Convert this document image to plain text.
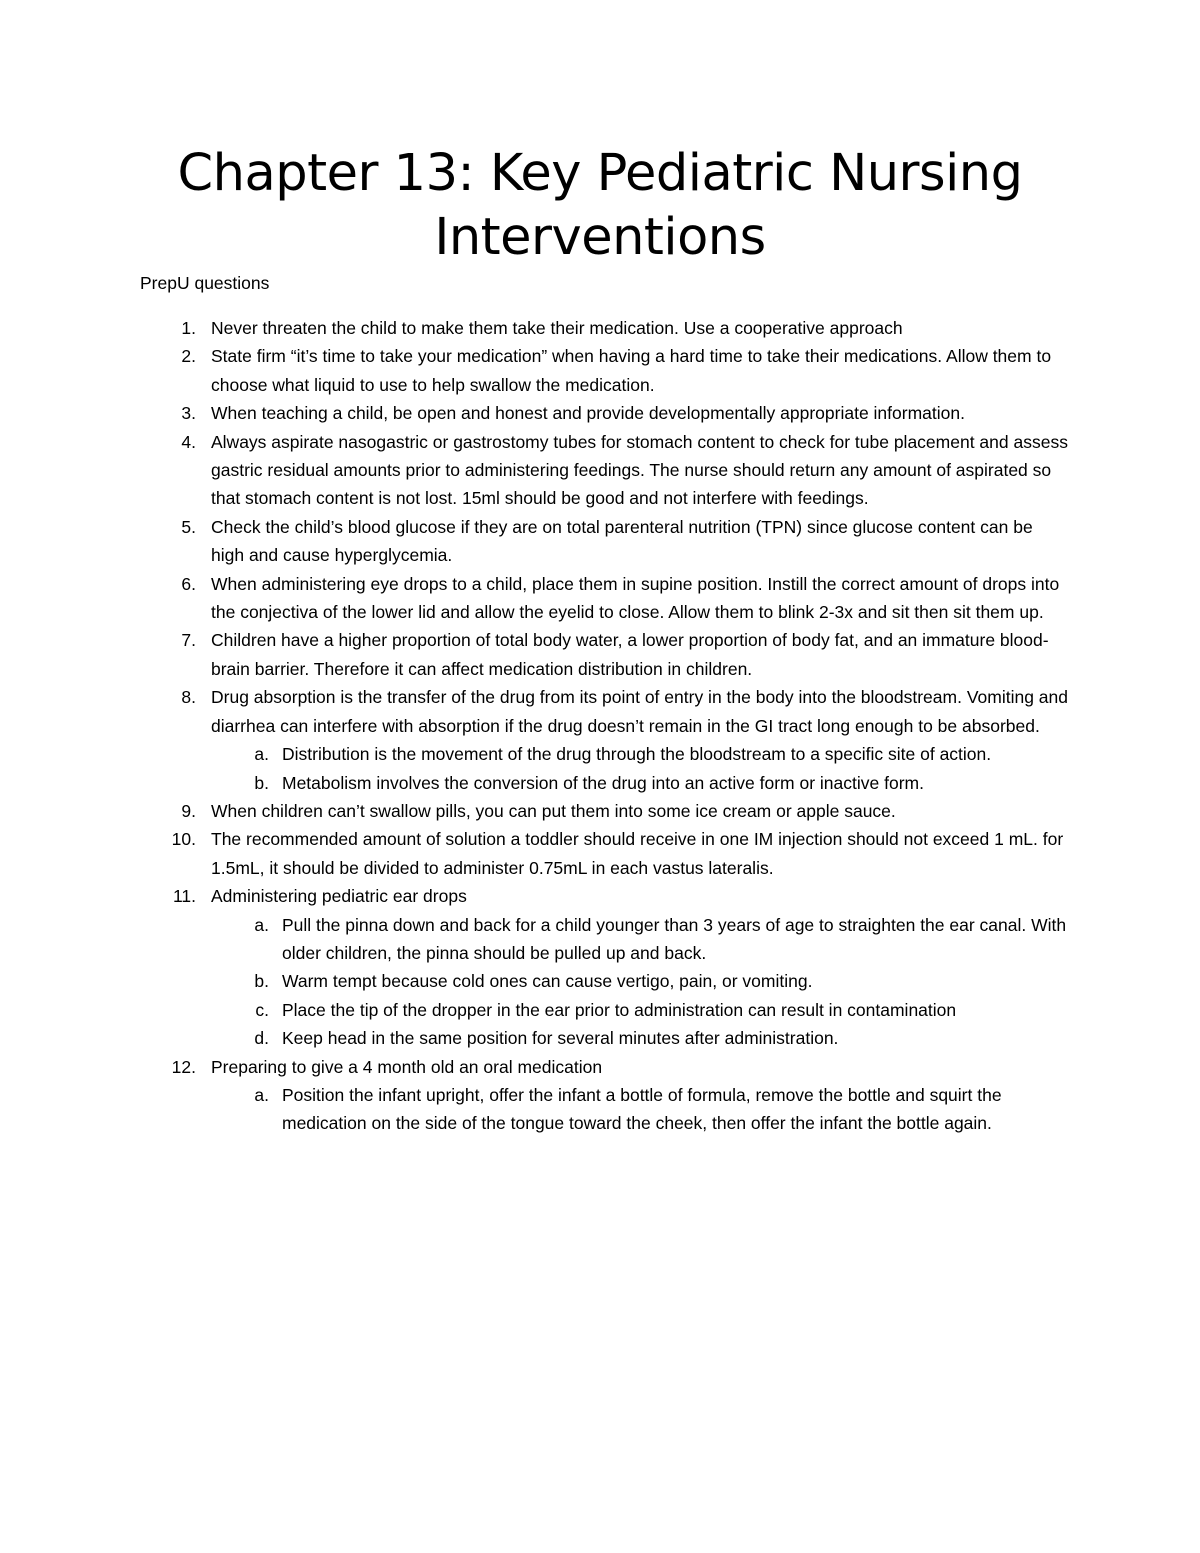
Chapter 13: Key Pediatric Nursing Interventions

PrepU questions

1. Never threaten the child to make them take their medication. Use a cooperative approach
2. State firm “it’s time to take your medication” when having a hard time to take their medications. Allow them to choose what liquid to use to help swallow the medication.
3. When teaching a child, be open and honest and provide developmentally appropriate information.
4. Always aspirate nasogastric or gastrostomy tubes for stomach content to check for tube placement and assess gastric residual amounts prior to administering feedings. The nurse should return any amount of aspirated so that stomach content is not lost. 15ml should be good and not interfere with feedings.
5. Check the child’s blood glucose if they are on total parenteral nutrition (TPN) since glucose content can be high and cause hyperglycemia.
6. When administering eye drops to a child, place them in supine position. Instill the correct amount of drops into the conjectiva of the lower lid and allow the eyelid to close. Allow them to blink 2-3x and sit then sit them up.
7. Children have a higher proportion of total body water, a lower proportion of body fat, and an immature blood-brain barrier. Therefore it can affect medication distribution in children.
8. Drug absorption is the transfer of the drug from its point of entry in the body into the bloodstream. Vomiting and diarrhea can interfere with absorption if the drug doesn’t remain in the GI tract long enough to be absorbed.
a. Distribution is the movement of the drug through the bloodstream to a specific site of action.
b. Metabolism involves the conversion of the drug into an active form or inactive form.
9. When children can’t swallow pills, you can put them into some ice cream or apple sauce.
10. The recommended amount of solution a toddler should receive in one IM injection should not exceed 1 mL. for 1.5mL, it should be divided to administer 0.75mL in each vastus lateralis.
11. Administering pediatric ear drops
a. Pull the pinna down and back for a child younger than 3 years of age to straighten the ear canal. With older children, the pinna should be pulled up and back.
b. Warm tempt because cold ones can cause vertigo, pain, or vomiting.
c. Place the tip of the dropper in the ear prior to administration can result in contamination
d. Keep head in the same position for several minutes after administration.
12. Preparing to give a 4 month old an oral medication
a. Position the infant upright, offer the infant a bottle of formula, remove the bottle and squirt the medication on the side of the tongue toward the cheek, then offer the infant the bottle again.
